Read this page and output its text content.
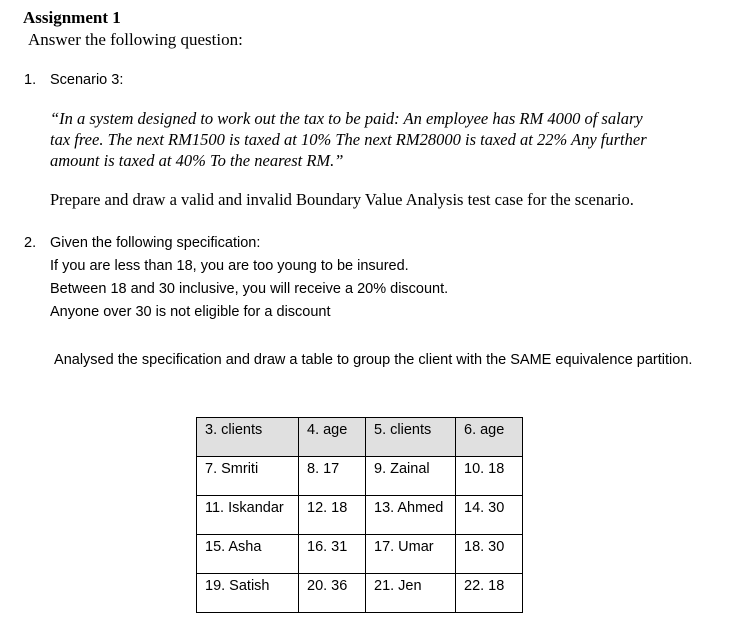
Assignment 1
Answer the following question:
1. Scenario 3:
“In a system designed to work out the tax to be paid: An employee has RM 4000 of salary
tax free. The next RM1500 is taxed at 10% The next RM28000 is taxed at 22% Any further
amount is taxed at 40% To the nearest RM.”
Prepare and draw a valid and invalid Boundary Value Analysis test case for the scenario.
2. Given the following specification:
If you are less than 18, you are too young to be insured.
Between 18 and 30 inclusive, you will receive a 20% discount.
Anyone over 30 is not eligible for a discount
Analysed the specification and draw a table to group the client with the SAME equivalence partition.
3. clients	4. age	5. clients	6. age
7. Smriti	8. 17	9. Zainal	10. 18
11. Iskandar	12. 18	13. Ahmed	14. 30
15. Asha	16. 31	17. Umar	18. 30
19. Satish	20. 36	21. Jen	22. 18
